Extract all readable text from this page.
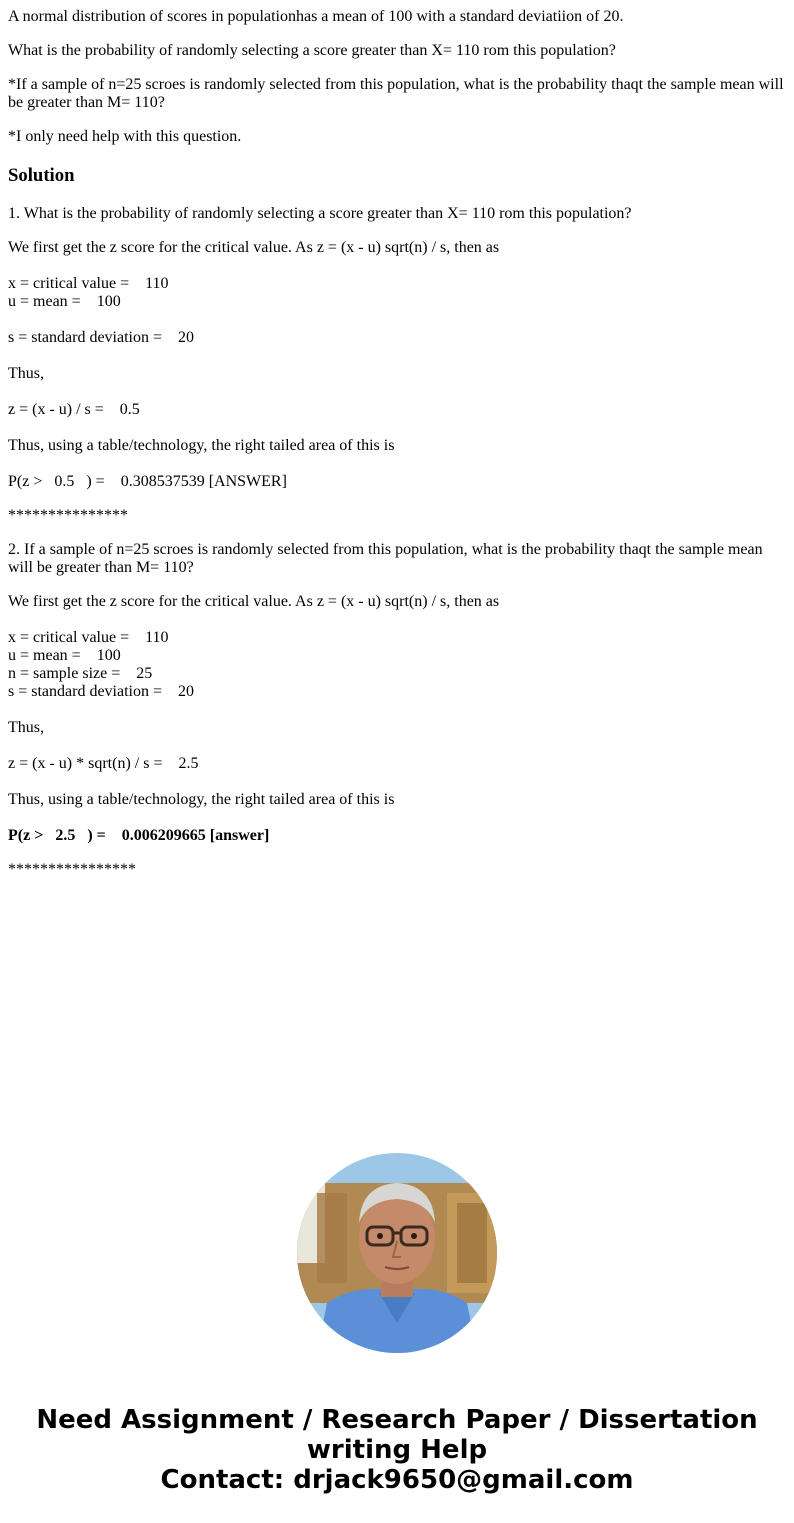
A normal distribution of scores in populationhas a mean of 100 with a standard deviatiion of 20.

What is the probability of randomly selecting a score greater than X= 110 rom this population?

*If a sample of n=25 scroes is randomly selected from this population, what is the probability thaqt the sample mean will be greater than M= 110?

*I only need help with this question.

Solution

1. What is the probability of randomly selecting a score greater than X= 110 rom this population?

We first get the z score for the critical value. As z = (x - u) sqrt(n) / s, then as

x = critical value =    110

u = mean =    100

s = standard deviation =    20

Thus,

z = (x - u) / s =    0.5

Thus, using a table/technology, the right tailed area of this is

P(z >   0.5   ) =    0.308537539 [ANSWER]

***************

2. If a sample of n=25 scroes is randomly selected from this population, what is the probability thaqt the sample mean will be greater than M= 110?

We first get the z score for the critical value. As z = (x - u) sqrt(n) / s, then as

x = critical value =    110

u = mean =    100

n = sample size =    25

s = standard deviation =    20

Thus,

z = (x - u) * sqrt(n) / s =    2.5

Thus, using a table/technology, the right tailed area of this is

P(z >   2.5   ) =    0.006209665 [answer]

****************

Need Assignment / Research Paper / Dissertation
writing Help
Contact: drjack9650@gmail.com
